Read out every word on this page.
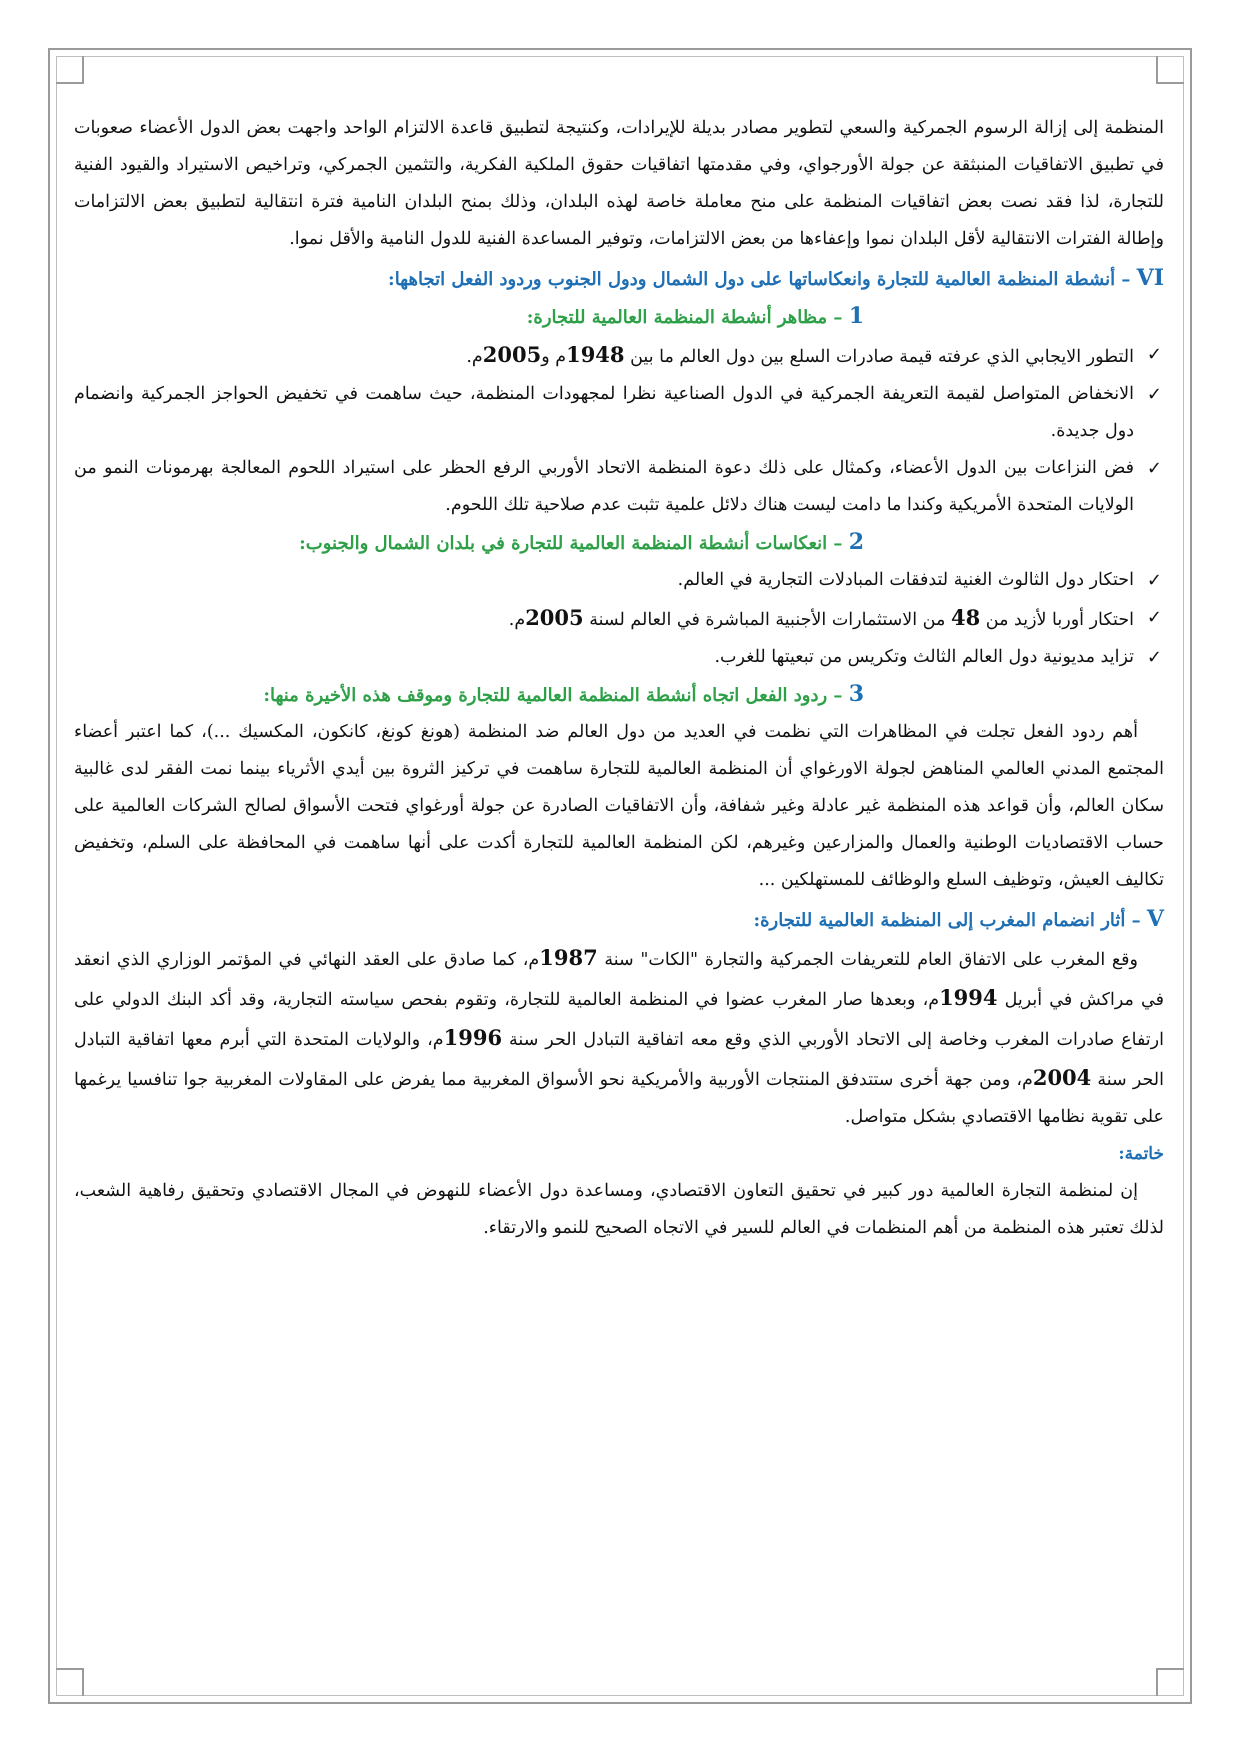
المنظمة إلى إزالة الرسوم الجمركية والسعي لتطوير مصادر بديلة للإيرادات، وكنتيجة لتطبيق قاعدة الالتزام الواحد واجهت بعض الدول الأعضاء صعوبات في تطبيق الاتفاقيات المنبثقة عن جولة الأورجواي، وفي مقدمتها اتفاقيات حقوق الملكية الفكرية، والتثمين الجمركي، وتراخيص الاستيراد والقيود الفنية للتجارة، لذا فقد نصت بعض اتفاقيات المنظمة على منح معاملة خاصة لهذه البلدان، وذلك بمنح البلدان النامية فترة انتقالية لتطبيق بعض الالتزامات وإطالة الفترات الانتقالية لأقل البلدان نموا وإعفاءها من بعض الالتزامات، وتوفير المساعدة الفنية للدول النامية والأقل نموا.

VI – أنشطة المنظمة العالمية للتجارة وانعكاساتها على دول الشمال ودول الجنوب وردود الفعل اتجاهها:

1 – مظاهر أنشطة المنظمة العالمية للتجارة:

✓
التطور الايجابي الذي عرفته قيمة صادرات السلع بين دول العالم ما بين 1948م و2005م.
✓
الانخفاض المتواصل لقيمة التعريفة الجمركية في الدول الصناعية نظرا لمجهودات المنظمة، حيث ساهمت في تخفيض الحواجز الجمركية وانضمام دول جديدة.
✓
فض النزاعات بين الدول الأعضاء، وكمثال على ذلك دعوة المنظمة الاتحاد الأوربي الرفع الحظر على استيراد اللحوم المعالجة بهرمونات النمو من الولايات المتحدة الأمريكية وكندا ما دامت ليست هناك دلائل علمية تثبت عدم صلاحية تلك اللحوم.

2 – انعكاسات أنشطة المنظمة العالمية للتجارة في بلدان الشمال والجنوب:

✓
احتكار دول الثالوث الغنية لتدفقات المبادلات التجارية في العالم.
✓
احتكار أوربا لأزيد من 48 من الاستثمارات الأجنبية المباشرة في العالم لسنة 2005م.
✓
تزايد مديونية دول العالم الثالث وتكريس من تبعيتها للغرب.

3 – ردود الفعل اتجاه أنشطة المنظمة العالمية للتجارة وموقف هذه الأخيرة منها:

أهم ردود الفعل تجلت في المظاهرات التي نظمت في العديد من دول العالم ضد المنظمة (هونغ كونغ، كانكون، المكسيك ...)، كما اعتبر أعضاء المجتمع المدني العالمي المناهض لجولة الاورغواي أن المنظمة العالمية للتجارة ساهمت في تركيز الثروة بين أيدي الأثرياء بينما نمت الفقر لدى غالبية سكان العالم، وأن قواعد هذه المنظمة غير عادلة وغير شفافة، وأن الاتفاقيات الصادرة عن جولة أورغواي فتحت الأسواق لصالح الشركات العالمية على حساب الاقتصاديات الوطنية والعمال والمزارعين وغيرهم، لكن المنظمة العالمية للتجارة أكدت على أنها ساهمت في المحافظة على السلم، وتخفيض تكاليف العيش، وتوظيف السلع والوظائف للمستهلكين ...

V – أثار انضمام المغرب إلى المنظمة العالمية للتجارة:

وقع المغرب على الاتفاق العام للتعريفات الجمركية والتجارة "الكات" سنة 1987م، كما صادق على العقد النهائي في المؤتمر الوزاري الذي انعقد في مراكش في أبريل 1994م، وبعدها صار المغرب عضوا في المنظمة العالمية للتجارة، وتقوم بفحص سياسته التجارية، وقد أكد البنك الدولي على ارتفاع صادرات المغرب وخاصة إلى الاتحاد الأوربي الذي وقع معه اتفاقية التبادل الحر سنة 1996م، والولايات المتحدة التي أبرم معها اتفاقية التبادل الحر سنة 2004م، ومن جهة أخرى ستتدفق المنتجات الأوربية والأمريكية نحو الأسواق المغربية مما يفرض على المقاولات المغربية جوا تنافسيا يرغمها على تقوية نظامها الاقتصادي بشكل متواصل.

خاتمة:

إن لمنظمة التجارة العالمية دور كبير في تحقيق التعاون الاقتصادي، ومساعدة دول الأعضاء للنهوض في المجال الاقتصادي وتحقيق رفاهية الشعب، لذلك تعتبر هذه المنظمة من أهم المنظمات في العالم للسير في الاتجاه الصحيح للنمو والارتقاء.
